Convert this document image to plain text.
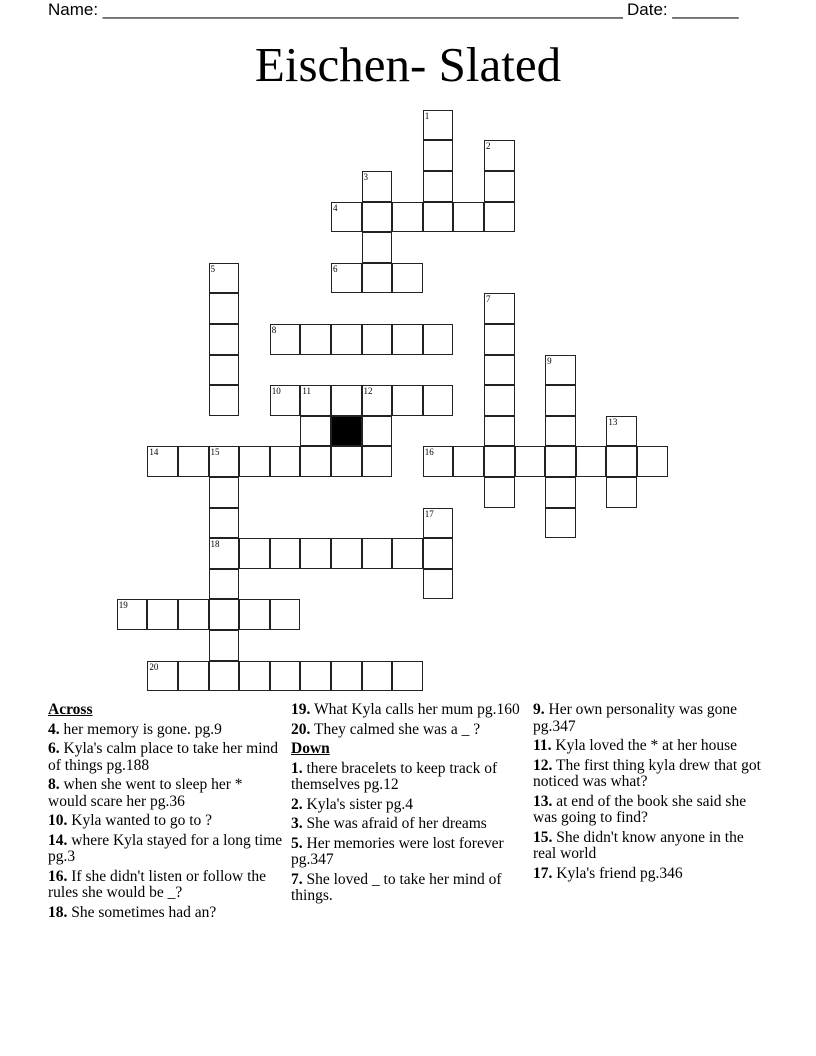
Name: _______________________________________________________ Date: _______
Eischen- Slated
1
2
3
4
5	6
7
8
9
10 11	12
13
14	15
18
16
17
19
20
Across
4. her memory is gone. pg.9
6. Kyla's calm place to take her mind of things pg.188
8. when she went to sleep her * would scare her pg.36
10. Kyla wanted to go to ?
14. where Kyla stayed for a long time pg.3
16. If she didn't listen or follow the rules she would be _?
18. She sometimes had an?
19. What Kyla calls her mum pg.160
20. They calmed she was a _ ?
Down
1. there bracelets to keep track of themselves pg.12
2. Kyla's sister pg.4
3. She was afraid of her dreams
5. Her memories were lost forever pg.347
7. She loved _ to take her mind of things.
9. Her own personality was gone pg.347
11. Kyla loved the * at her house
12. The first thing kyla drew that got noticed was what?
13. at end of the book she said she was going to find?
15. She didn't know anyone in the real world
17. Kyla's friend pg.346
